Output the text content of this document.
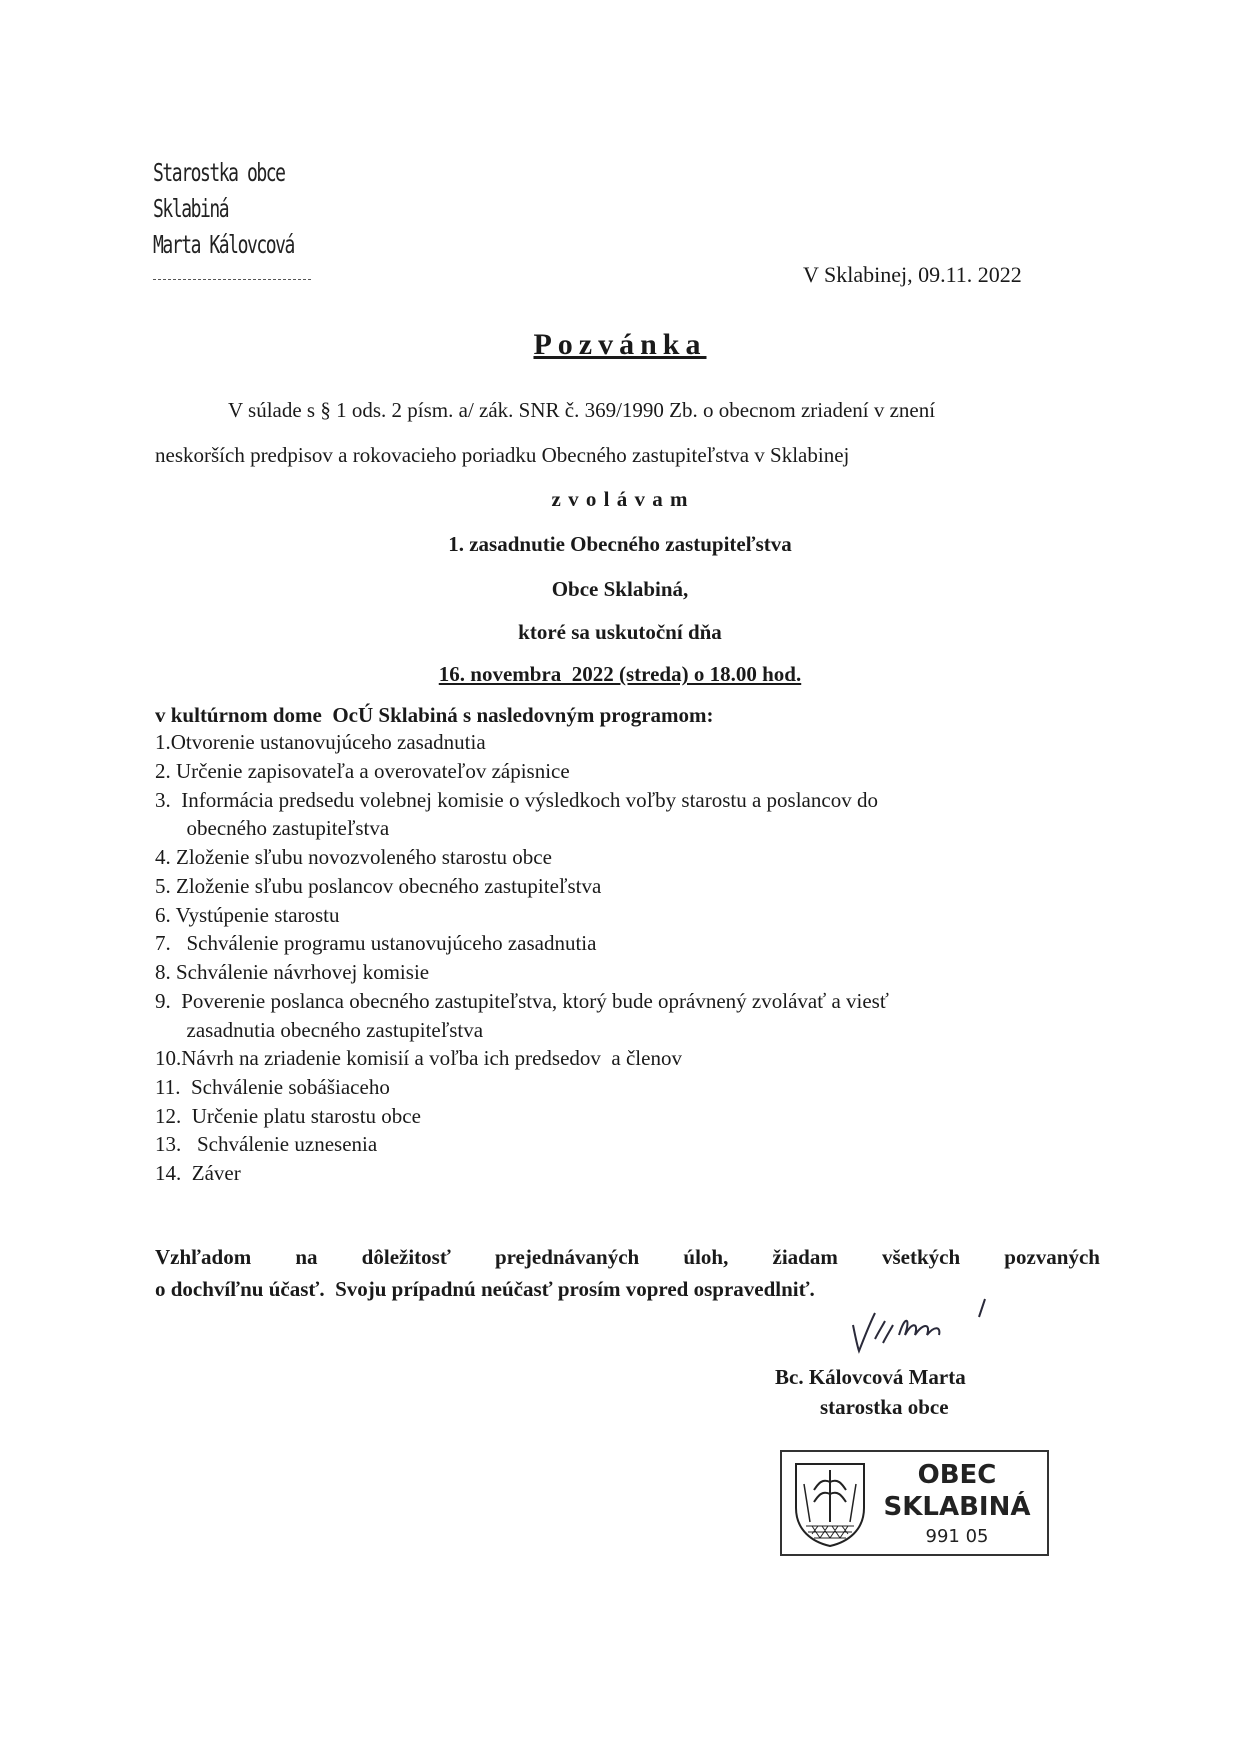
Starostka obce
Sklabiná
Marta Kálovcová
V Sklabinej, 09.11. 2022
Pozvánka
V súlade s § 1 ods. 2 písm. a/ zák. SNR č. 369/1990 Zb. o obecnom zriadení v znení
neskorších predpisov a rokovacieho poriadku Obecného zastupiteľstva v Sklabinej
z v o l á v a m
1. zasadnutie Obecného zastupiteľstva
Obce Sklabiná,
ktoré sa uskutoční dňa
16. novembra  2022 (streda) o 18.00 hod.
v kultúrnom dome  OcÚ Sklabiná s nasledovným programom:
1.Otvorenie ustanovujúceho zasadnutia
2. Určenie zapisovateľa a overovateľov zápisnice
3.  Informácia predsedu volebnej komisie o výsledkoch voľby starostu a poslancov do
obecného zastupiteľstva
4. Zloženie sľubu novozvoleného starostu obce
5. Zloženie sľubu poslancov obecného zastupiteľstva
6. Vystúpenie starostu
7.   Schválenie programu ustanovujúceho zasadnutia
8. Schválenie návrhovej komisie
9.  Poverenie poslanca obecného zastupiteľstva, ktorý bude oprávnený zvolávať a viesť
zasadnutia obecného zastupiteľstva
10.Návrh na zriadenie komisií a voľba ich predsedov  a členov
11.  Schválenie sobášiaceho
12.  Určenie platu starostu obce
13.   Schválenie uznesenia
14.  Záver
Vzhľadom na dôležitosť prejednávaných úloh, žiadam všetkých pozvaných
o dochvíľnu účasť.  Svoju prípadnú neúčasť prosím vopred ospravedlniť.
Bc. Kálovcová Marta
starostka obce
OBEC
SKLABINÁ
991 05
